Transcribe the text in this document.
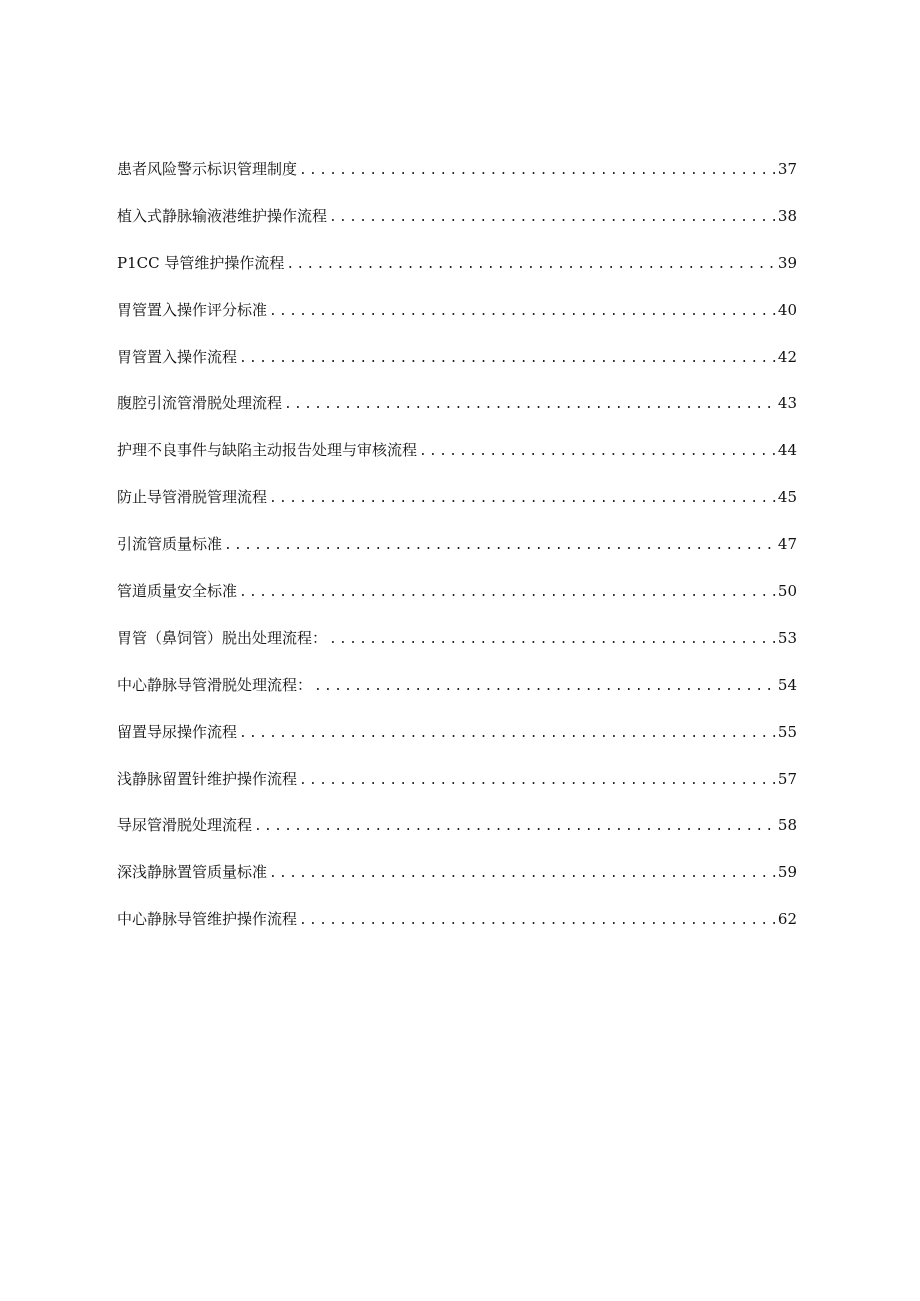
患者风险警示标识管理制度 .....	37
植入式静脉输液港维护操作流程 .....	38
P1CC 导管维护操作流程 .....	39
胃管置入操作评分标准 .....	40
胃管置入操作流程 .....	42
腹腔引流管滑脱处理流程 .....	43
护理不良事件与缺陷主动报告处理与审核流程 .....	44
防止导管滑脱管理流程 .....	45
引流管质量标准 .....	47
管道质量安全标准 .....	50
胃管（鼻饲管）脱出处理流程： .....	53
中心静脉导管滑脱处理流程： .....	54
留置导尿操作流程 .....	55
浅静脉留置针维护操作流程 .....	57
导尿管滑脱处理流程 .....	58
深浅静脉置管质量标准 .....	59
中心静脉导管维护操作流程 .....	62
